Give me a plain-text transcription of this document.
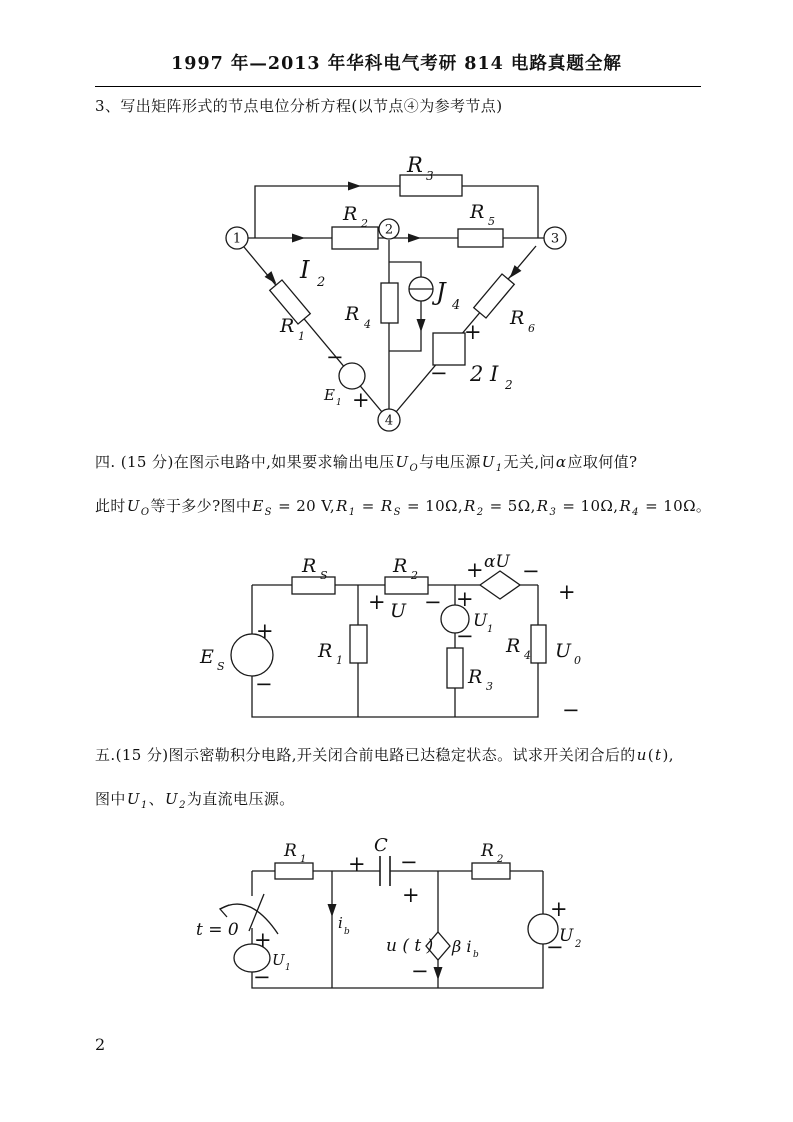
1997 年—2013 年华科电气考研 814 电路真题全解
3、写出矩阵形式的节点电位分析方程(以节点④为参考节点)
1
2
3
4
R 3
R 2
R 5
I 2
R 4
J 4
R 1
R 6
−
E 1 +
+
− 2 I 2
四. (15 分)在图示电路中,如果要求输出电压$U_O$与电压源$U_1$无关,问α应取何值?
此时$U_O$等于多少?图中$E_S = 20$ $V,R_1 = R_S = 10\Omega,R_2 = 5\Omega,R_3 = 10\Omega,R_4 = 10\Omega$。
R S	R 2
+ U −
+ αU −
+
U 1
−
R 1
R 3
R 4
E S
+
−
+
U 0
−
五.(15 分)图示密勒积分电路,开关闭合前电路已达稳定状态。试求开关闭合后的u(t),
图中$U_1$、$U_2$为直流电压源。
R 1
C
+ −
+
R 2
i b
t = 0 +
U 1
−
u ( t ) β i b
−
+
U 2
−
2
